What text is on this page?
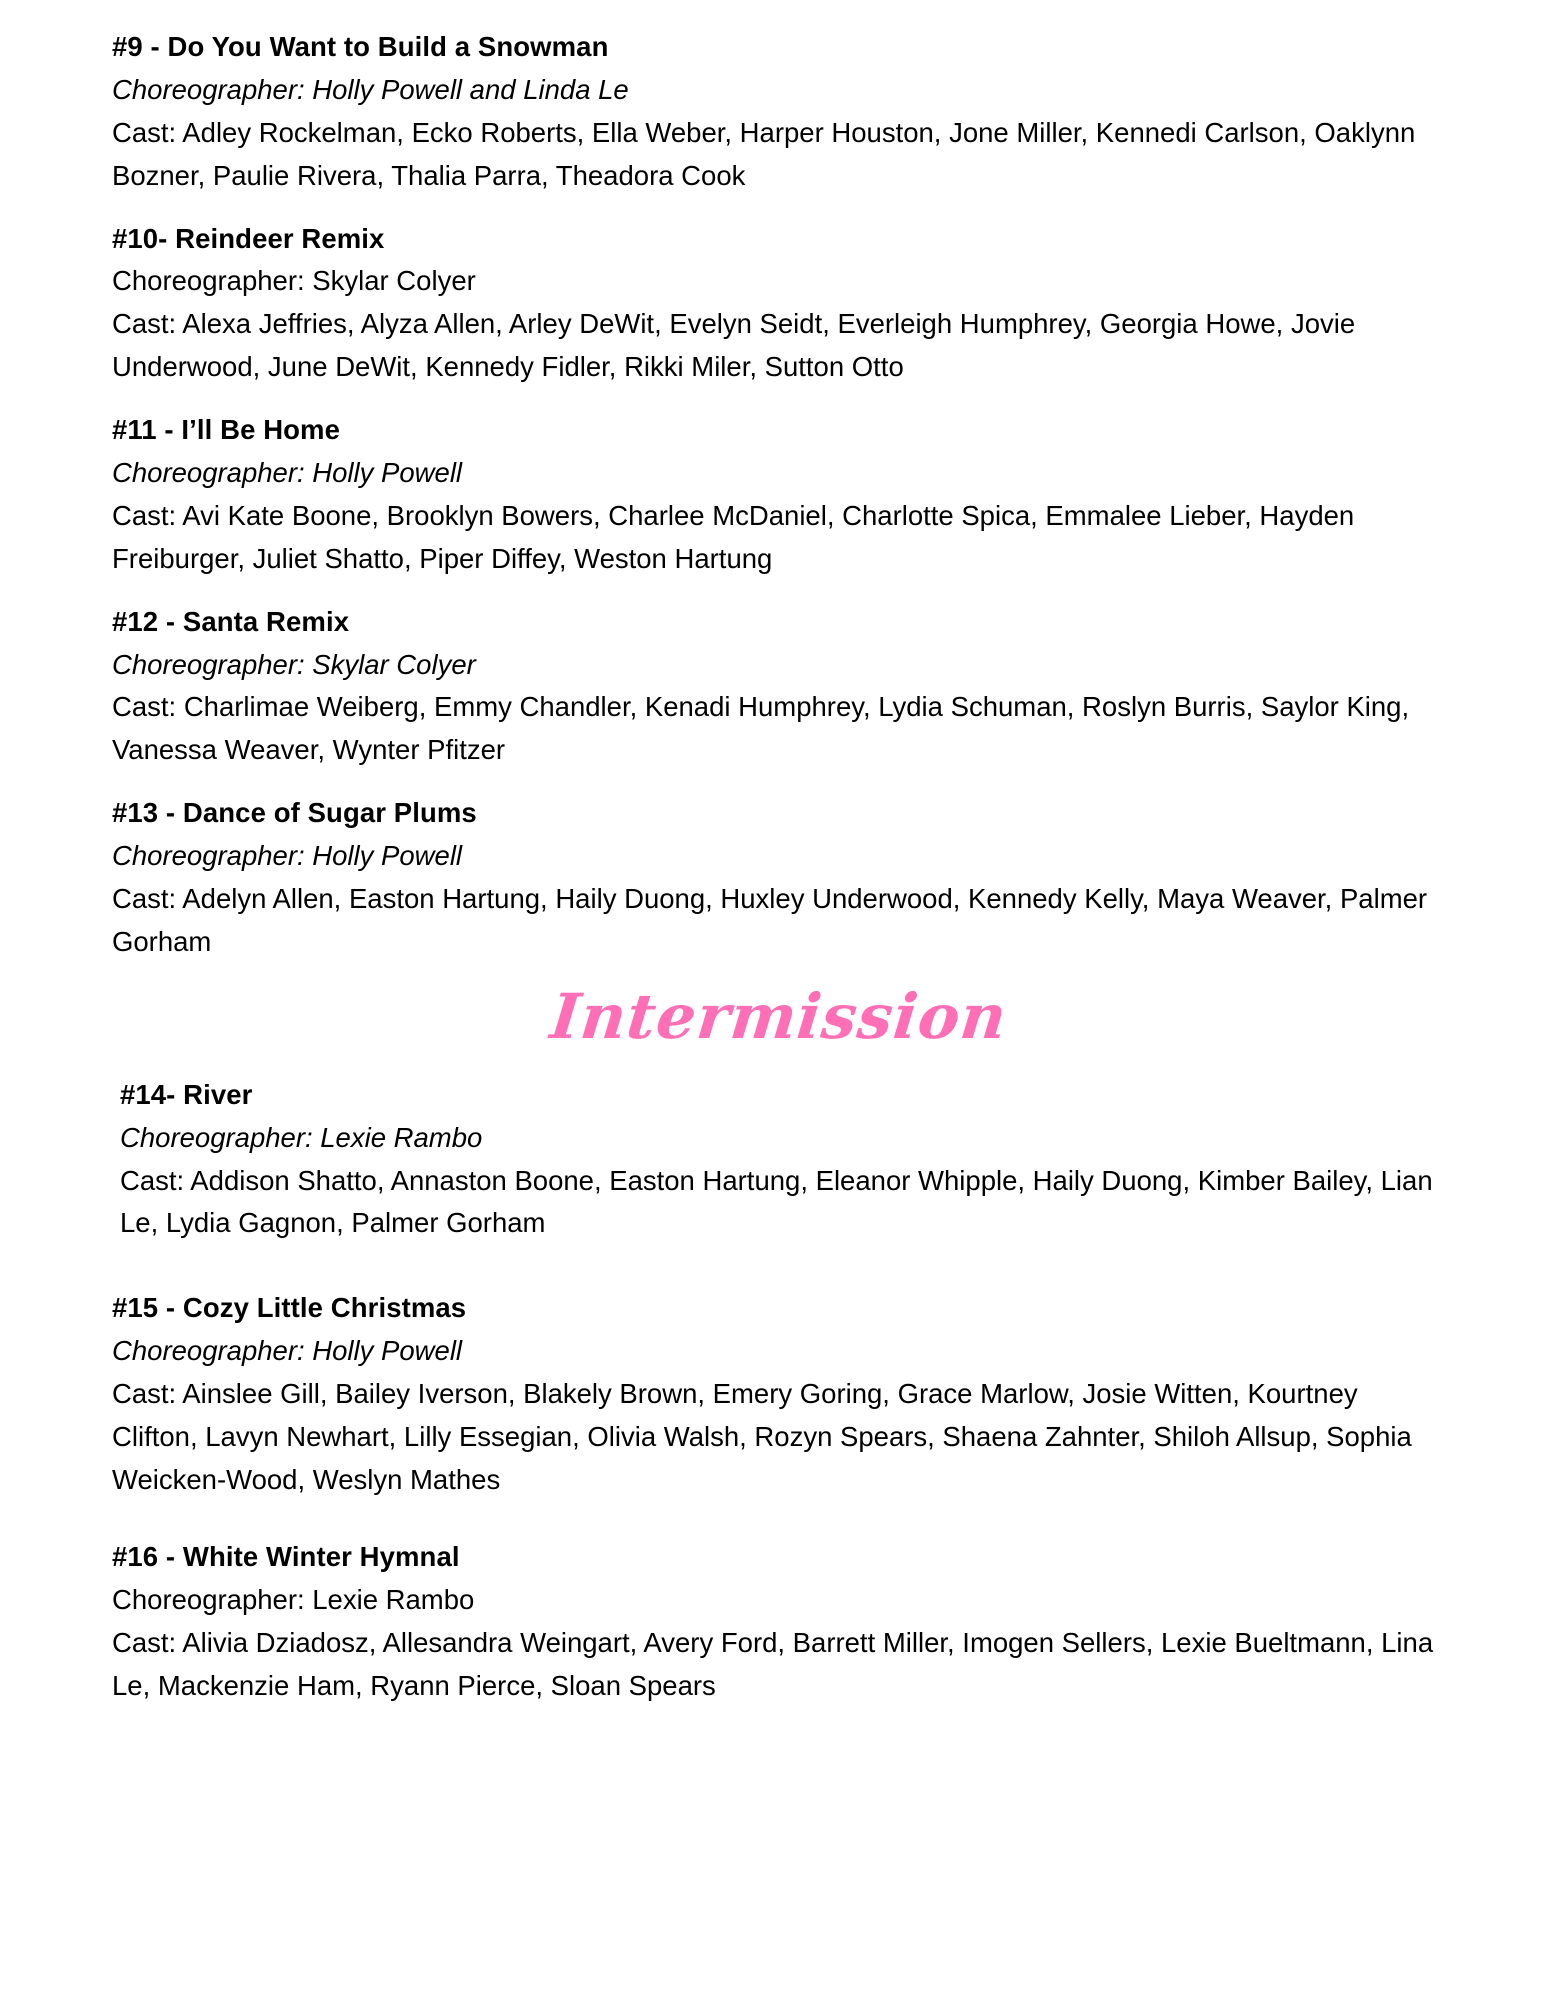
#9 - Do You Want to Build a Snowman
Choreographer: Holly Powell and Linda Le
Cast: Adley Rockelman, Ecko Roberts, Ella Weber, Harper Houston, Jone Miller, Kennedi Carlson, Oaklynn Bozner, Paulie Rivera, Thalia Parra, Theadora Cook
#10- Reindeer Remix
Choreographer: Skylar Colyer
Cast: Alexa Jeffries, Alyza Allen, Arley DeWit, Evelyn Seidt, Everleigh Humphrey, Georgia Howe, Jovie Underwood, June DeWit, Kennedy Fidler, Rikki Miler, Sutton Otto
#11 - I’ll Be Home
Choreographer: Holly Powell
Cast: Avi Kate Boone, Brooklyn Bowers, Charlee McDaniel, Charlotte Spica, Emmalee Lieber, Hayden Freiburger, Juliet Shatto, Piper Diffey, Weston Hartung
#12 - Santa Remix
Choreographer: Skylar Colyer
Cast: Charlimae Weiberg, Emmy Chandler, Kenadi Humphrey, Lydia Schuman, Roslyn Burris, Saylor King, Vanessa Weaver, Wynter Pfitzer
#13 - Dance of Sugar Plums
Choreographer: Holly Powell
Cast: Adelyn Allen, Easton Hartung, Haily Duong, Huxley Underwood, Kennedy Kelly, Maya Weaver, Palmer Gorham
Intermission
#14- River
Choreographer: Lexie Rambo
Cast: Addison Shatto, Annaston Boone, Easton Hartung, Eleanor Whipple, Haily Duong, Kimber Bailey, Lian Le, Lydia Gagnon, Palmer Gorham
#15 - Cozy Little Christmas
Choreographer: Holly Powell
Cast: Ainslee Gill, Bailey Iverson, Blakely Brown, Emery Goring, Grace Marlow, Josie Witten, Kourtney Clifton, Lavyn Newhart, Lilly Essegian, Olivia Walsh, Rozyn Spears, Shaena Zahnter, Shiloh Allsup, Sophia Weicken-Wood, Weslyn Mathes
#16 - White Winter Hymnal
Choreographer: Lexie Rambo
Cast: Alivia Dziadosz, Allesandra Weingart, Avery Ford, Barrett Miller, Imogen Sellers, Lexie Bueltmann, Lina Le, Mackenzie Ham, Ryann Pierce, Sloan Spears
